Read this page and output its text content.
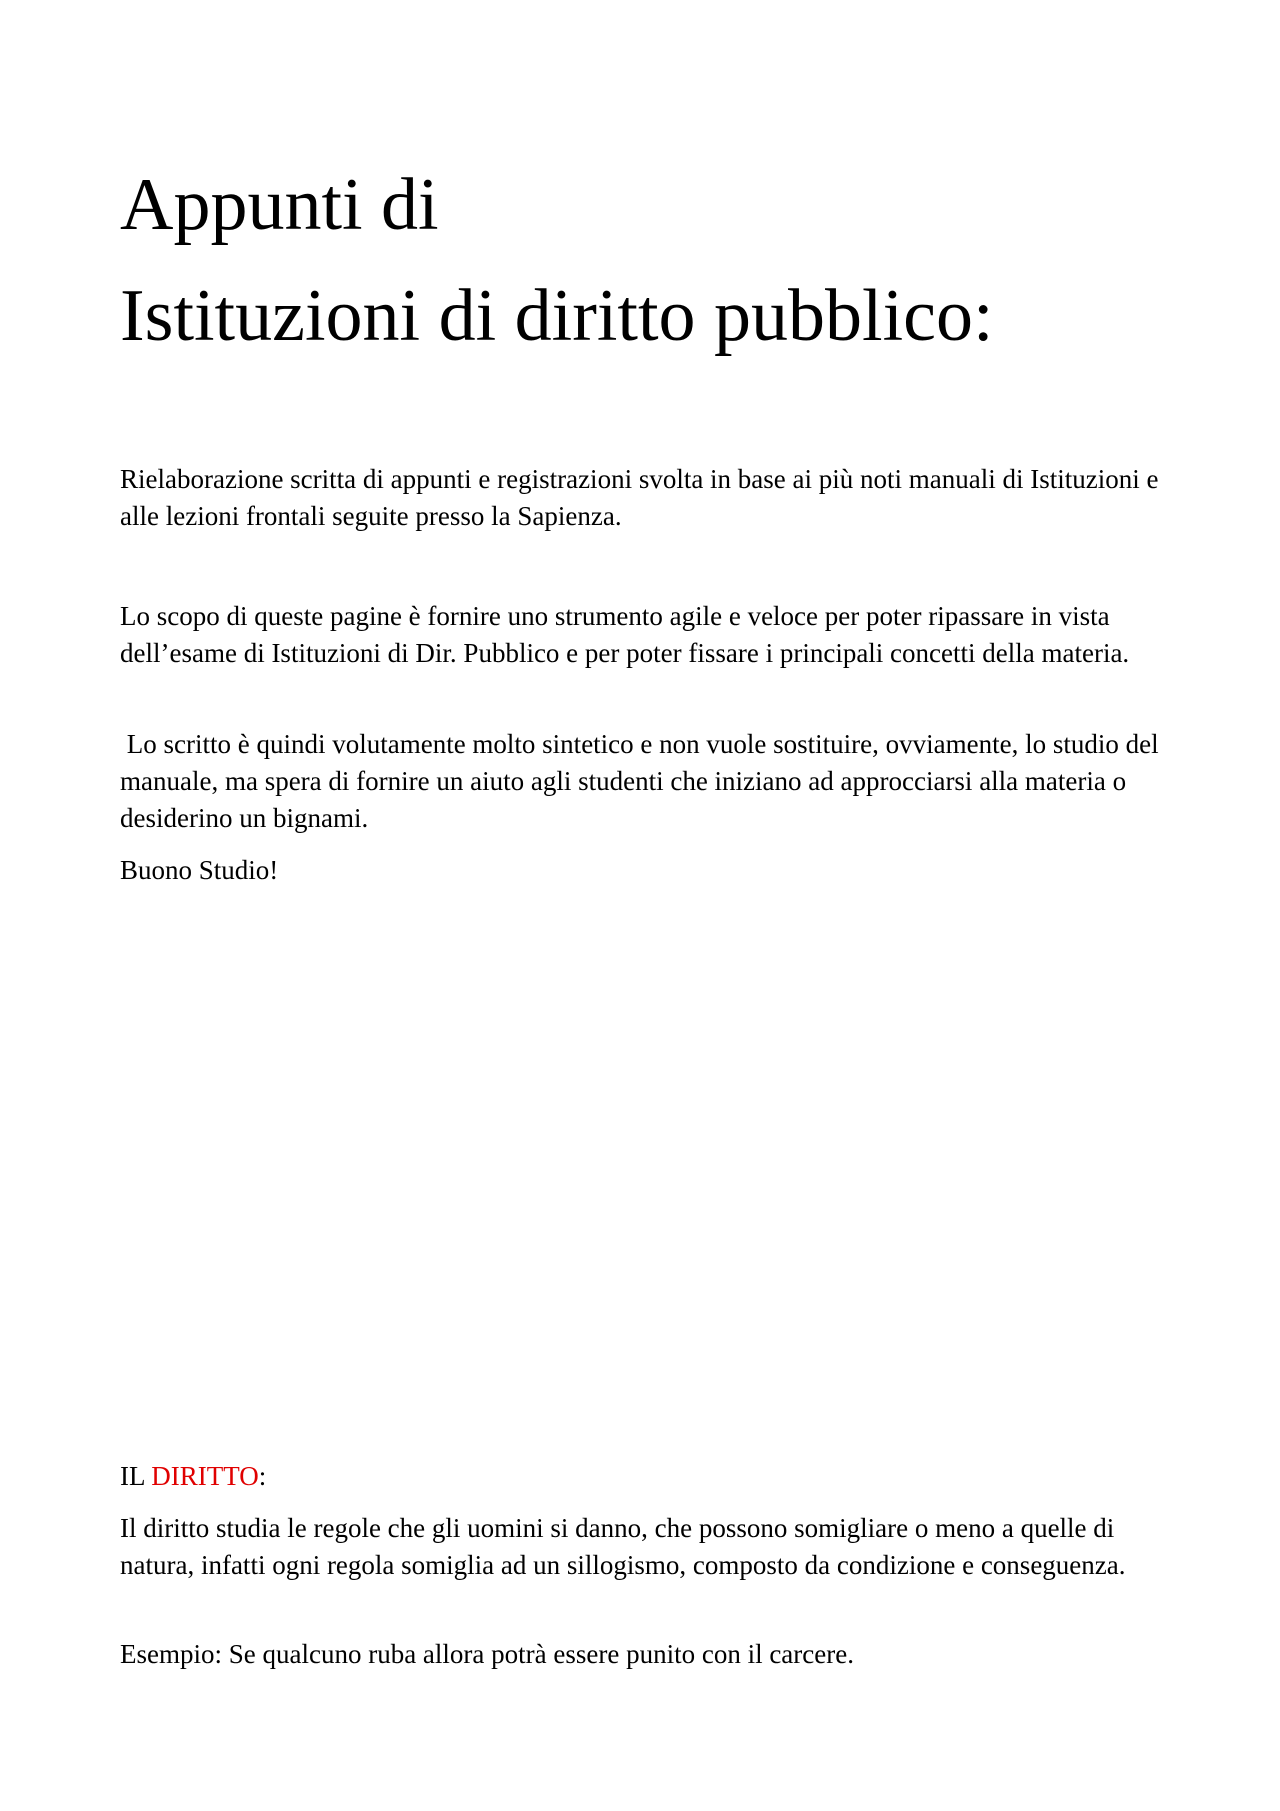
Appunti di
Istituzioni di diritto pubblico:

Rielaborazione scritta di appunti e registrazioni svolta in base ai più noti manuali di Istituzioni e alle lezioni frontali seguite presso la Sapienza.

Lo scopo di queste pagine è fornire uno strumento agile e veloce per poter ripassare in vista dell’esame di Istituzioni di Dir. Pubblico e per poter fissare i principali concetti della materia.

Lo scritto è quindi volutamente molto sintetico e non vuole sostituire, ovviamente, lo studio del manuale, ma spera di fornire un aiuto agli studenti che iniziano ad approcciarsi alla materia o desiderino un bignami.

Buono Studio!

IL DIRITTO:

Il diritto studia le regole che gli uomini si danno, che possono somigliare o meno a quelle di natura, infatti ogni regola somiglia ad un sillogismo, composto da condizione e conseguenza.

Esempio: Se qualcuno ruba allora potrà essere punito con il carcere.
